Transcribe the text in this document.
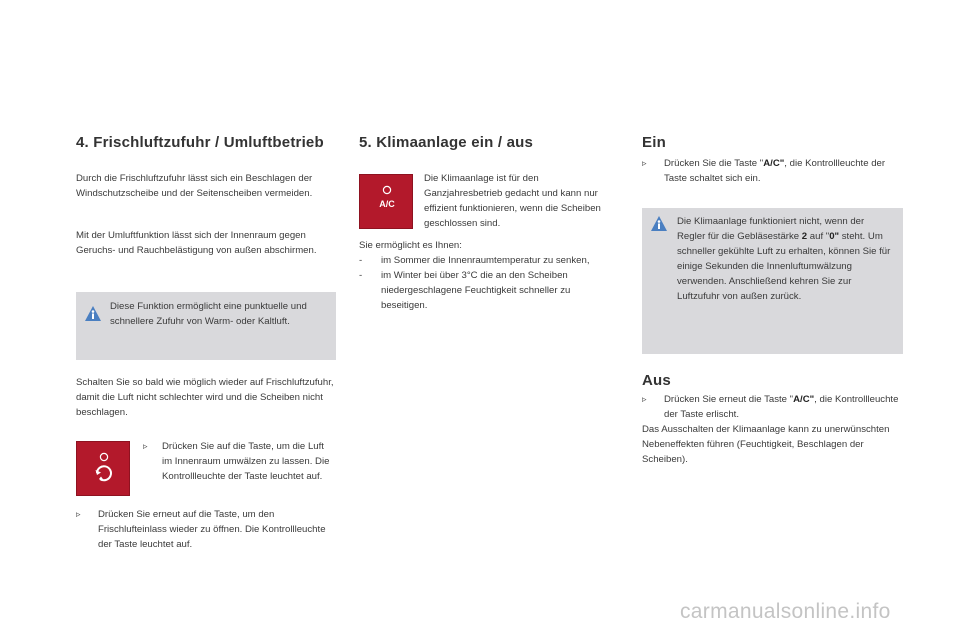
4. Frischluftzufuhr / Umluftbetrieb

Durch die Frischluftzufuhr lässt sich ein Beschlagen der Windschutzscheibe und der Seitenscheiben vermeiden.

Mit der Umluftfunktion lässt sich der Innenraum gegen Geruchs- und Rauchbelästigung von außen abschirmen.

Diese Funktion ermöglicht eine punktuelle und schnellere Zufuhr von Warm- oder Kaltluft.

Schalten Sie so bald wie möglich wieder auf Frischluftzufuhr, damit die Luft nicht schlechter wird und die Scheiben nicht beschlagen.

▹ Drücken Sie auf die Taste, um die Luft im Innenraum umwälzen zu lassen. Die Kontrollleuchte der Taste leuchtet auf.

▹ Drücken Sie erneut auf die Taste, um den Frischlufteinlass wieder zu öffnen. Die Kontrollleuchte der Taste leuchtet auf.

5. Klimaanlage ein / aus
A/C

Die Klimaanlage ist für den Ganzjahresbetrieb gedacht und kann nur effizient funktionieren, wenn die Scheiben geschlossen sind.

Sie ermöglicht es Ihnen:

- im Sommer die Innenraumtemperatur zu senken,

- im Winter bei über 3°C die an den Scheiben niedergeschlagene Feuchtigkeit schneller zu beseitigen.

Ein
▹ Drücken Sie die Taste "A/C", die Kontrollleuchte der Taste schaltet sich ein.

Die Klimaanlage funktioniert nicht, wenn der Regler für die Gebläsestärke 2 auf "0" steht. Um schneller gekühlte Luft zu erhalten, können Sie für einige Sekunden die Innenluftumwälzung verwenden. Anschließend kehren Sie zur Luftzufuhr von außen zurück.

Aus
▹ Drücken Sie erneut die Taste "A/C", die Kontrollleuchte der Taste erlischt.

Das Ausschalten der Klimaanlage kann zu unerwünschten Nebeneffekten führen (Feuchtigkeit, Beschlagen der Scheiben).

carmanualsonline.info
